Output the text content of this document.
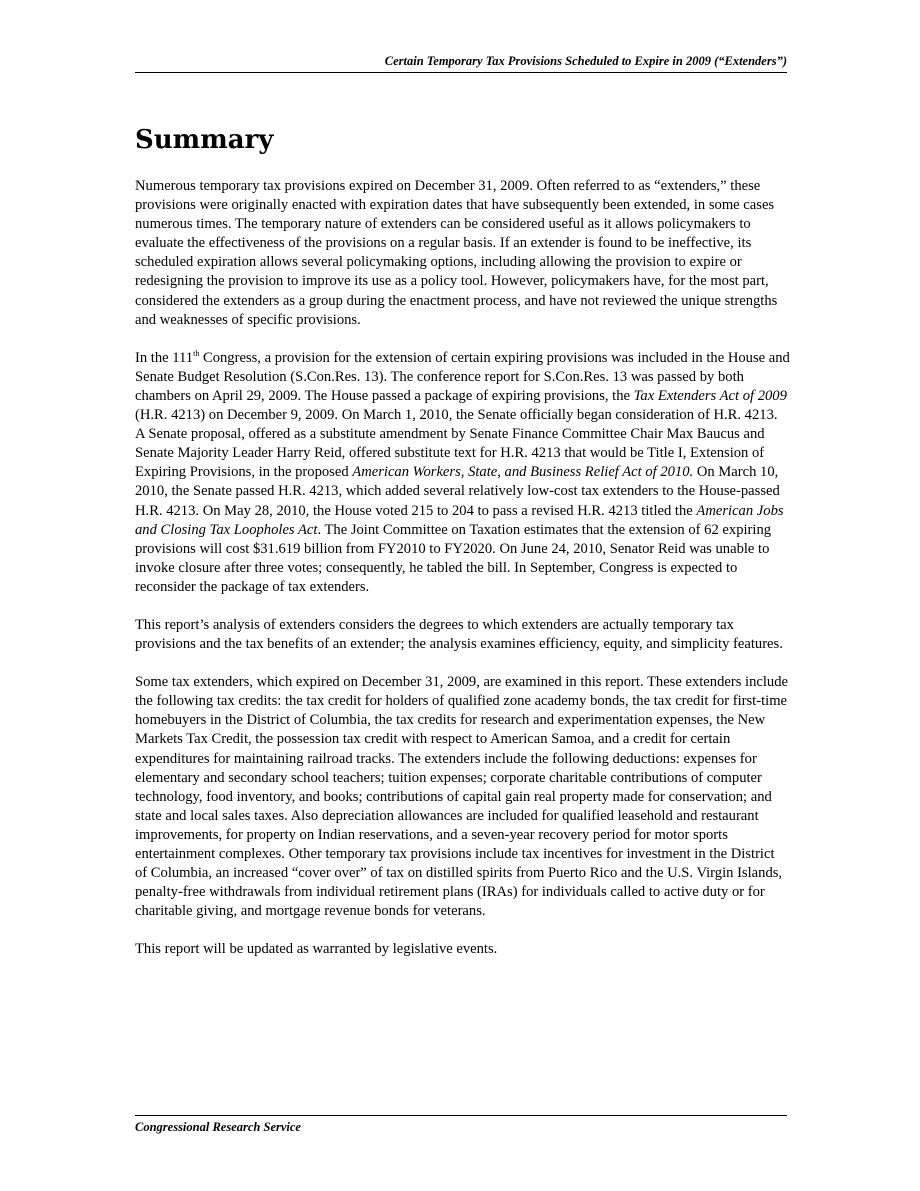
Certain Temporary Tax Provisions Scheduled to Expire in 2009 (“Extenders”)
Summary

Numerous temporary tax provisions expired on December 31, 2009. Often referred to as “extenders,” these provisions were originally enacted with expiration dates that have subsequently been extended, in some cases numerous times. The temporary nature of extenders can be considered useful as it allows policymakers to evaluate the effectiveness of the provisions on a regular basis. If an extender is found to be ineffective, its scheduled expiration allows several policymaking options, including allowing the provision to expire or redesigning the provision to improve its use as a policy tool. However, policymakers have, for the most part, considered the extenders as a group during the enactment process, and have not reviewed the unique strengths and weaknesses of specific provisions.

In the 111th Congress, a provision for the extension of certain expiring provisions was included in the House and Senate Budget Resolution (S.Con.Res. 13). The conference report for S.Con.Res. 13 was passed by both chambers on April 29, 2009. The House passed a package of expiring provisions, the Tax Extenders Act of 2009 (H.R. 4213) on December 9, 2009. On March 1, 2010, the Senate officially began consideration of H.R. 4213. A Senate proposal, offered as a substitute amendment by Senate Finance Committee Chair Max Baucus and Senate Majority Leader Harry Reid, offered substitute text for H.R. 4213 that would be Title I, Extension of Expiring Provisions, in the proposed American Workers, State, and Business Relief Act of 2010. On March 10, 2010, the Senate passed H.R. 4213, which added several relatively low-cost tax extenders to the House-passed H.R. 4213. On May 28, 2010, the House voted 215 to 204 to pass a revised H.R. 4213 titled the American Jobs and Closing Tax Loopholes Act. The Joint Committee on Taxation estimates that the extension of 62 expiring provisions will cost $31.619 billion from FY2010 to FY2020. On June 24, 2010, Senator Reid was unable to invoke closure after three votes; consequently, he tabled the bill. In September, Congress is expected to reconsider the package of tax extenders.

This report’s analysis of extenders considers the degrees to which extenders are actually temporary tax provisions and the tax benefits of an extender; the analysis examines efficiency, equity, and simplicity features.

Some tax extenders, which expired on December 31, 2009, are examined in this report. These extenders include the following tax credits: the tax credit for holders of qualified zone academy bonds, the tax credit for first-time homebuyers in the District of Columbia, the tax credits for research and experimentation expenses, the New Markets Tax Credit, the possession tax credit with respect to American Samoa, and a credit for certain expenditures for maintaining railroad tracks. The extenders include the following deductions: expenses for elementary and secondary school teachers; tuition expenses; corporate charitable contributions of computer technology, food inventory, and books; contributions of capital gain real property made for conservation; and state and local sales taxes. Also depreciation allowances are included for qualified leasehold and restaurant improvements, for property on Indian reservations, and a seven-year recovery period for motor sports entertainment complexes. Other temporary tax provisions include tax incentives for investment in the District of Columbia, an increased “cover over” of tax on distilled spirits from Puerto Rico and the U.S. Virgin Islands, penalty-free withdrawals from individual retirement plans (IRAs) for individuals called to active duty or for charitable giving, and mortgage revenue bonds for veterans.

This report will be updated as warranted by legislative events.

Congressional Research Service
